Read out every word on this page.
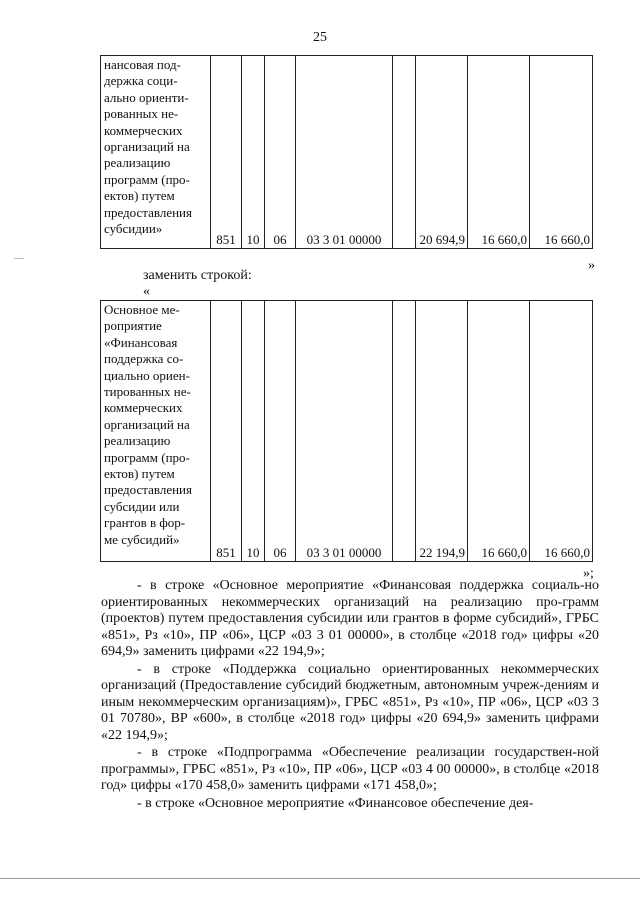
25
нансовая под-
держка соци-
ально ориенти-
рованных не-
коммерческих
организаций на
реализацию
программ (про-
ектов) путем
предоставления
субсидии»	851	10	06	03 3 01 00000		20 694,9	16 660,0	16 660,0
»
заменить строкой:
«
Основное ме-
роприятие
«Финансовая
поддержка со-
циально ориен-
тированных не-
коммерческих
организаций на
реализацию
программ (про-
ектов) путем
предоставления
субсидии или
грантов в фор-
ме субсидий»	851	10	06	03 3 01 00000		22 194,9	16 660,0	16 660,0
»;

- в строке «Основное мероприятие «Финансовая поддержка социаль-но ориентированных некоммерческих организаций на реализацию про-грамм (проектов) путем предоставления субсидии или грантов в форме субсидий», ГРБС «851», Рз «10», ПР «06», ЦСР «03 3 01 00000», в столбце «2018 год» цифры «20 694,9» заменить цифрами «22 194,9»;

- в строке «Поддержка социально ориентированных некоммерческих организаций (Предоставление субсидий бюджетным, автономным учреж-дениям и иным некоммерческим организациям)», ГРБС «851», Рз «10», ПР «06», ЦСР «03 3 01 70780», ВР «600», в столбце «2018 год» цифры «20 694,9» заменить цифрами «22 194,9»;

- в строке «Подпрограмма «Обеспечение реализации государствен-ной программы», ГРБС «851», Рз «10», ПР «06», ЦСР «03 4 00 00000», в столбце «2018 год» цифры «170 458,0» заменить цифрами «171 458,0»;

- в строке «Основное мероприятие «Финансовое обеспечение дея-
